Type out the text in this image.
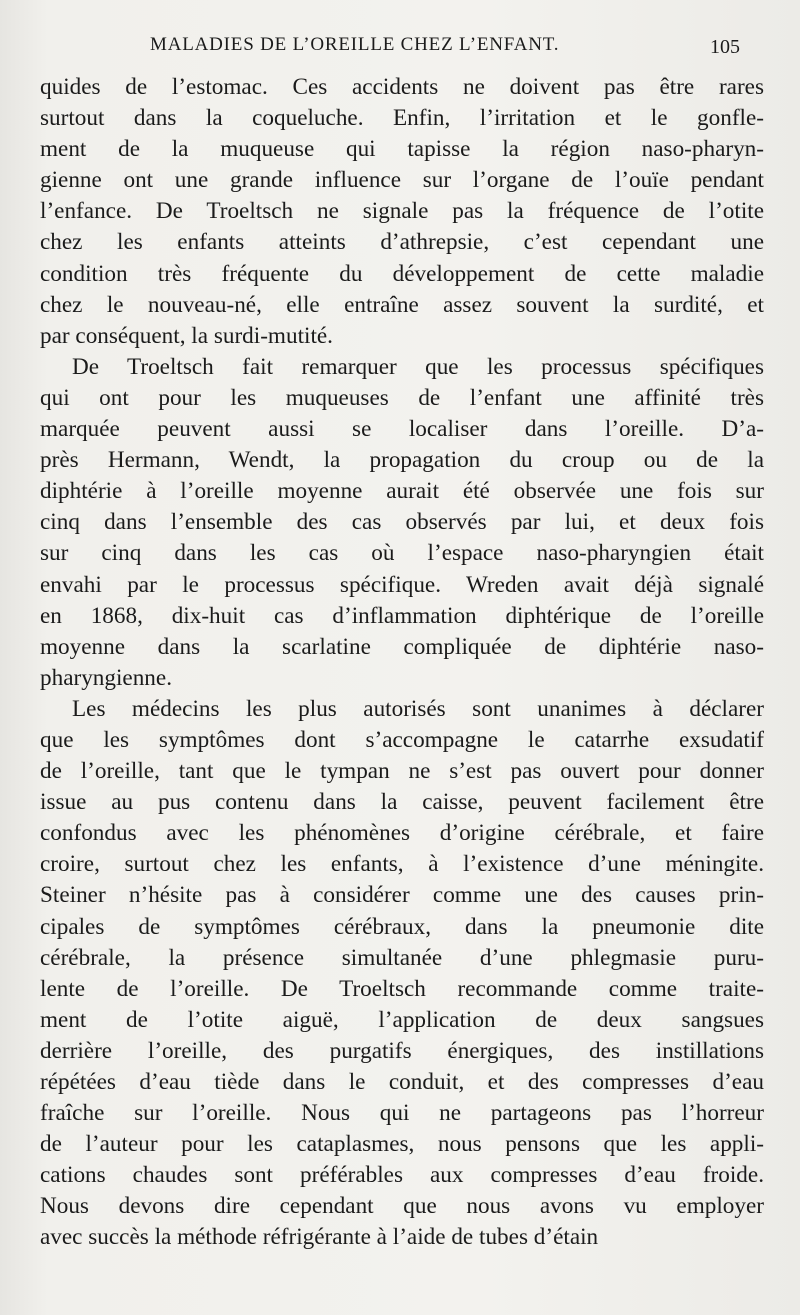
MALADIES DE L’OREILLE CHEZ L’ENFANT.	105
quides de l’estomac. Ces accidents ne doivent pas être rares
surtout dans la coqueluche. Enfin, l’irritation et le gonfle-
ment de la muqueuse qui tapisse la région naso-pharyn-
gienne ont une grande influence sur l’organe de l’ouïe pendant
l’enfance. De Troeltsch ne signale pas la fréquence de l’otite
chez les enfants atteints d’athrepsie, c’est cependant une
condition très fréquente du développement de cette maladie
chez le nouveau-né, elle entraîne assez souvent la surdité, et
par conséquent, la surdi-mutité.
De Troeltsch fait remarquer que les processus spécifiques
qui ont pour les muqueuses de l’enfant une affinité très
marquée peuvent aussi se localiser dans l’oreille. D’a-
près Hermann, Wendt, la propagation du croup ou de la
diphtérie à l’oreille moyenne aurait été observée une fois sur
cinq dans l’ensemble des cas observés par lui, et deux fois
sur cinq dans les cas où l’espace naso-pharyngien était
envahi par le processus spécifique. Wreden avait déjà signalé
en 1868, dix-huit cas d’inflammation diphtérique de l’oreille
moyenne dans la scarlatine compliquée de diphtérie naso-
pharyngienne.
Les médecins les plus autorisés sont unanimes à déclarer
que les symptômes dont s’accompagne le catarrhe exsudatif
de l’oreille, tant que le tympan ne s’est pas ouvert pour donner
issue au pus contenu dans la caisse, peuvent facilement être
confondus avec les phénomènes d’origine cérébrale, et faire
croire, surtout chez les enfants, à l’existence d’une méningite.
Steiner n’hésite pas à considérer comme une des causes prin-
cipales de symptômes cérébraux, dans la pneumonie dite
cérébrale, la présence simultanée d’une phlegmasie puru-
lente de l’oreille. De Troeltsch recommande comme traite-
ment de l’otite aiguë, l’application de deux sangsues
derrière l’oreille, des purgatifs énergiques, des instillations
répétées d’eau tiède dans le conduit, et des compresses d’eau
fraîche sur l’oreille. Nous qui ne partageons pas l’horreur
de l’auteur pour les cataplasmes, nous pensons que les appli-
cations chaudes sont préférables aux compresses d’eau froide.
Nous devons dire cependant que nous avons vu employer
avec succès la méthode réfrigérante à l’aide de tubes d’étain
